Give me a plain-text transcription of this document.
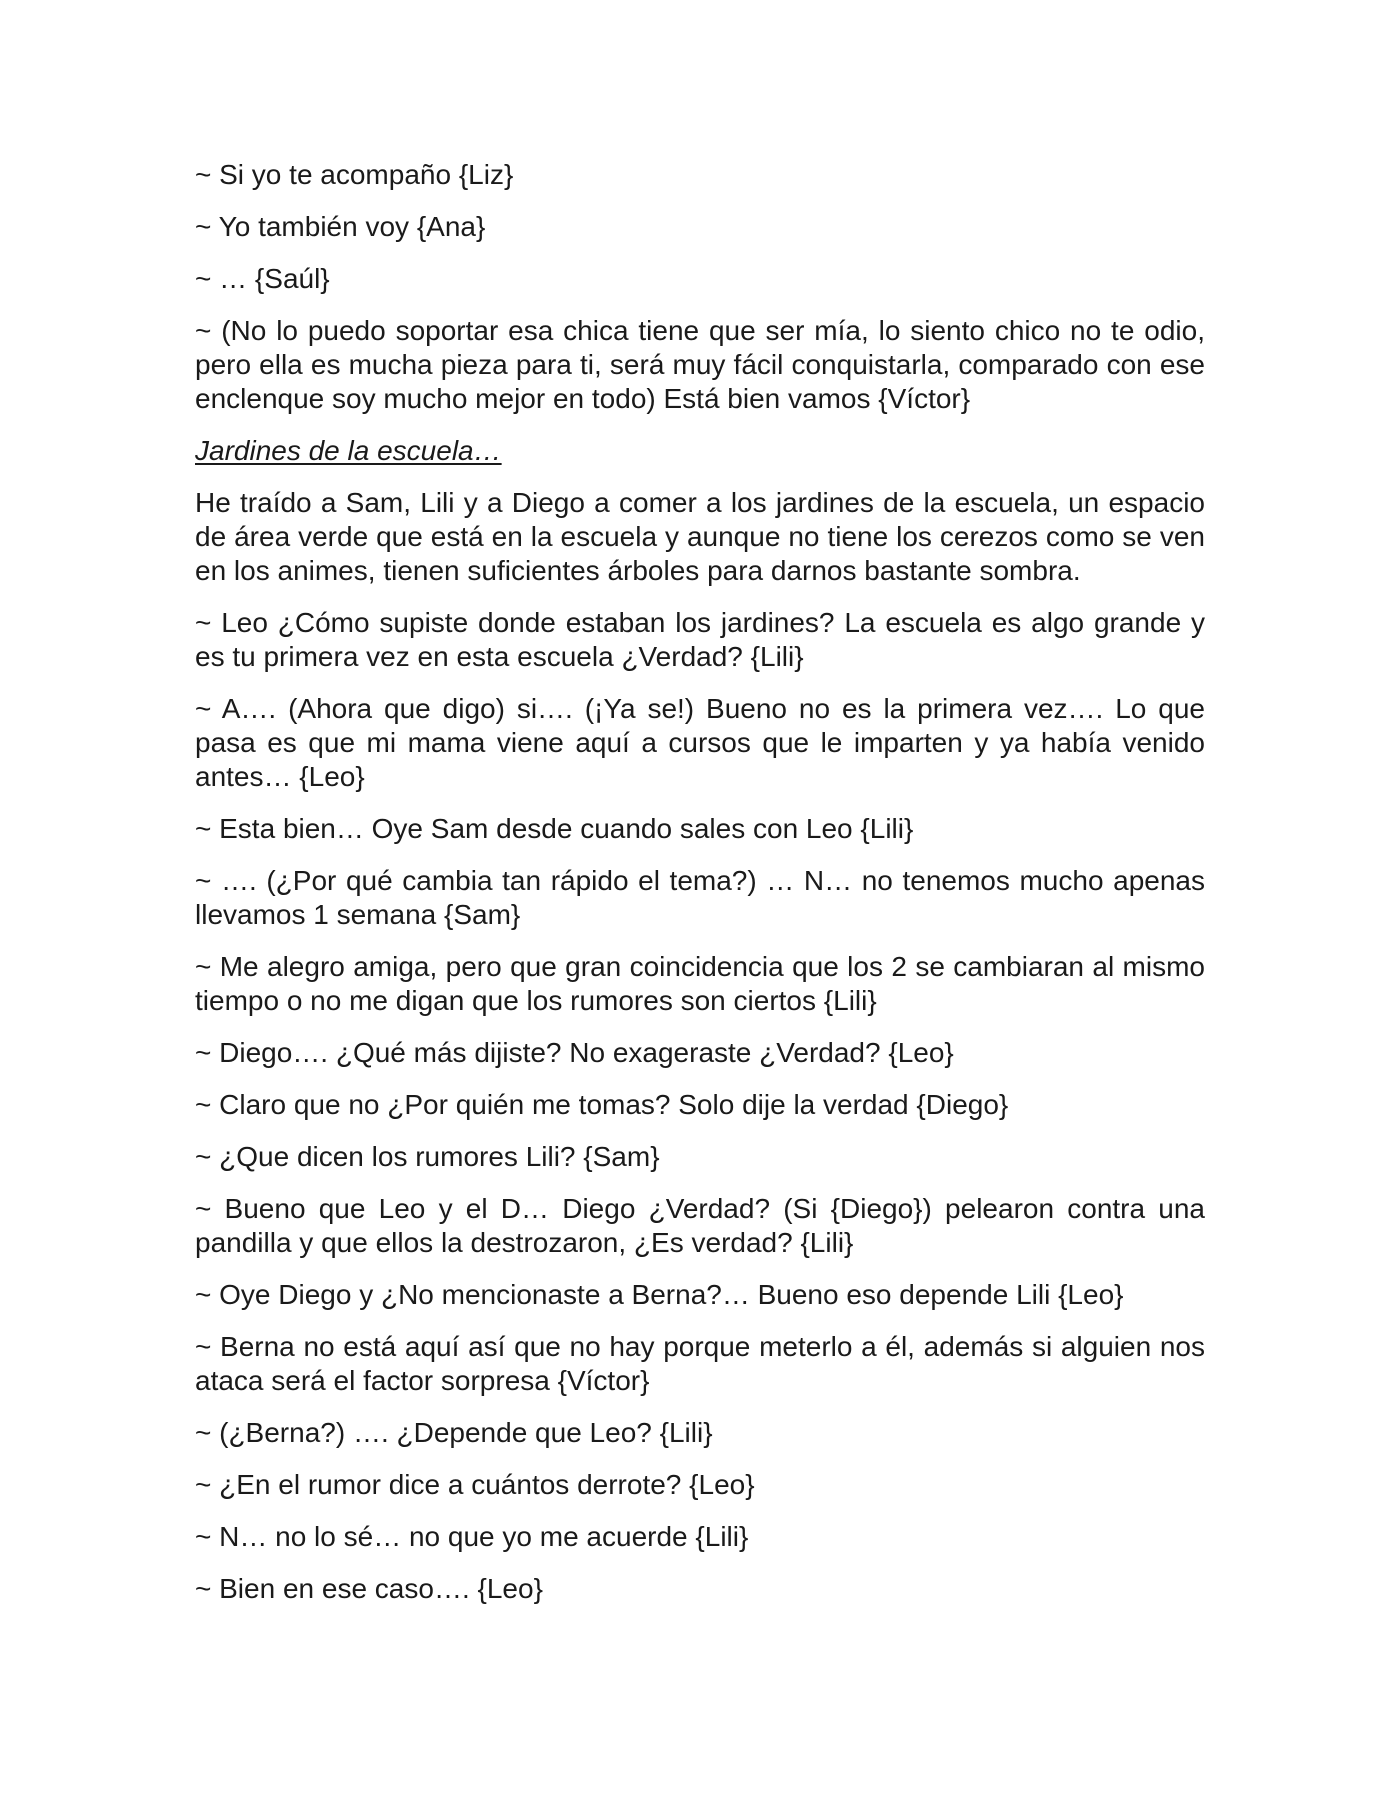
~ Si yo te acompaño {Liz}

~ Yo también voy {Ana}

~ … {Saúl}

~ (No lo puedo soportar esa chica tiene que ser mía, lo siento chico no te odio, pero ella es mucha pieza para ti, será muy fácil conquistarla, comparado con ese enclenque soy mucho mejor en todo) Está bien vamos {Víctor}

Jardines de la escuela…

He traído a Sam, Lili y a Diego a comer a los jardines de la escuela, un espacio de área verde que está en la escuela y aunque no tiene los cerezos como se ven en los animes, tienen suficientes árboles para darnos bastante sombra.

~ Leo ¿Cómo supiste donde estaban los jardines? La escuela es algo grande y es tu primera vez en esta escuela ¿Verdad? {Lili}

~ A…. (Ahora que digo) si…. (¡Ya se!) Bueno no es la primera vez…. Lo que pasa es que mi mama viene aquí a cursos que le imparten y ya había venido antes… {Leo}

~ Esta bien… Oye Sam desde cuando sales con Leo {Lili}

~ …. (¿Por qué cambia tan rápido el tema?) … N… no tenemos mucho apenas llevamos 1 semana {Sam}

~ Me alegro amiga, pero que gran coincidencia que los 2 se cambiaran al mismo tiempo o no me digan que los rumores son ciertos {Lili}

~ Diego…. ¿Qué más dijiste? No exageraste ¿Verdad? {Leo}

~ Claro que no ¿Por quién me tomas? Solo dije la verdad {Diego}

~ ¿Que dicen los rumores Lili? {Sam}

~ Bueno que Leo y el D… Diego ¿Verdad? (Si {Diego}) pelearon contra una pandilla y que ellos la destrozaron, ¿Es verdad? {Lili}

~ Oye Diego y ¿No mencionaste a Berna?… Bueno eso depende Lili {Leo}

~ Berna no está aquí así que no hay porque meterlo a él, además si alguien nos ataca será el factor sorpresa {Víctor}

~ (¿Berna?) …. ¿Depende que Leo? {Lili}

~ ¿En el rumor dice a cuántos derrote? {Leo}

~ N… no lo sé… no que yo me acuerde {Lili}

~ Bien en ese caso…. {Leo}
